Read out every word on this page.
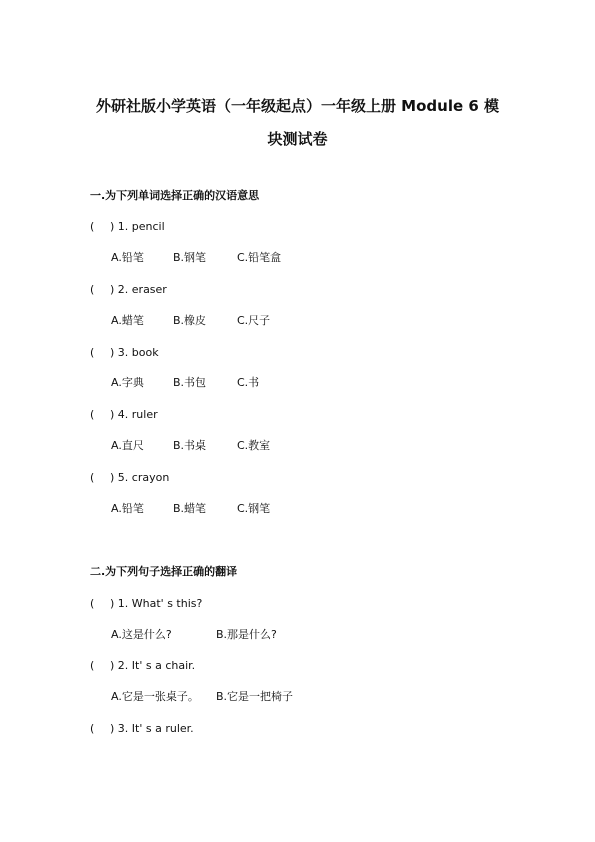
外研社版小学英语（一年级起点）一年级上册 Module 6 模
块测试卷
一.为下列单词选择正确的汉语意思
( ) 1. pencil
A.铅笔	B.钢笔	C.铅笔盒
( ) 2. eraser
A.蜡笔	B.橡皮	C.尺子
( ) 3. book
A.字典	B.书包	C.书
( ) 4. ruler
A.直尺	B.书桌	C.教室
( ) 5. crayon
A.铅笔	B.蜡笔	C.钢笔
二.为下列句子选择正确的翻译
( ) 1. What' s this?
A.这是什么?	B.那是什么?
( ) 2. It' s a chair.
A.它是一张桌子。 B.它是一把椅子
( ) 3. It' s a ruler.
